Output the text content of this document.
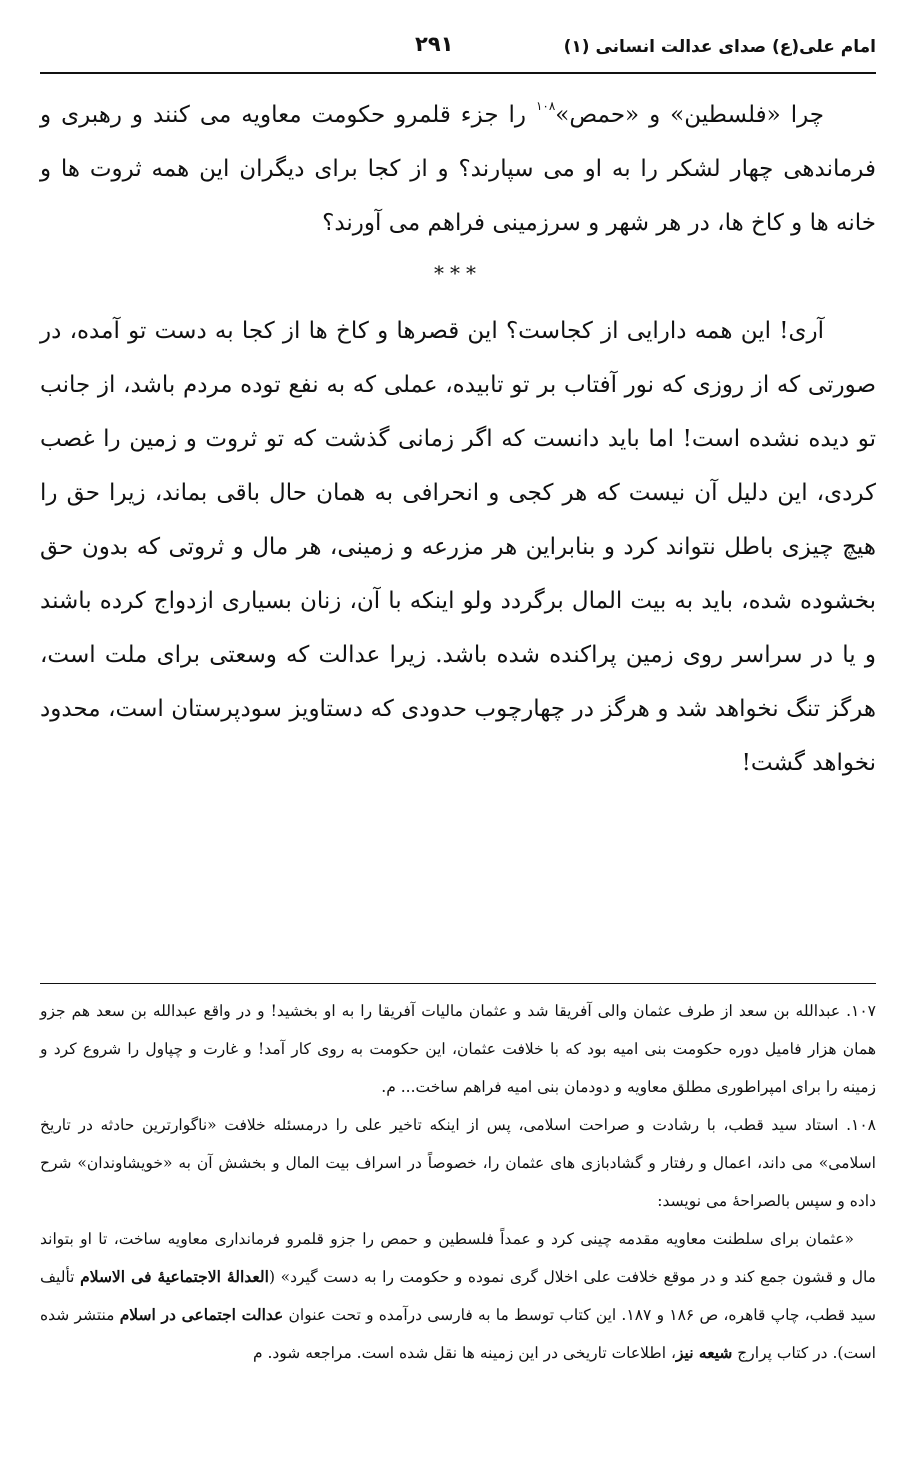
امام علی(ع) صدای عدالت انسانی (۱)
۲۹۱

چرا «فلسطین» و «حمص»$^{۱۰۸}$ را جزء قلمرو حکومت معاویه می کنند و رهبری و فرماندهی چهار لشکر را به او می سپارند؟ و از کجا برای دیگران این همه ثروت ها و خانه ها و کاخ ها، در هر شهر و سرزمینی فراهم می آورند؟

***

آری! این همه دارایی از کجاست؟ این قصرها و کاخ ها از کجا به دست تو آمده، در صورتی که از روزی که نور آفتاب بر تو تابیده، عملی که به نفع توده مردم باشد، از جانب تو دیده نشده است! اما باید دانست که اگر زمانی گذشت که تو ثروت و زمین را غصب کردی، این دلیل آن نیست که هر کجی و انحرافی به همان حال باقی بماند، زیرا حق را هیچ چیزی باطل نتواند کرد و بنابراین هر مزرعه و زمینی، هر مال و ثروتی که بدون حق بخشوده شده، باید به بیت المال برگردد ولو اینکه با آن، زنان بسیاری ازدواج کرده باشند و یا در سراسر روی زمین پراکنده شده باشد. زیرا عدالت که وسعتی برای ملت است، هرگز تنگ نخواهد شد و هرگز در چهارچوب حدودی که دستاویز سودپرستان است، محدود نخواهد گشت!

۱۰۷. عبدالله بن سعد از طرف عثمان والی آفریقا شد و عثمان مالیات آفریقا را به او بخشید! و در واقع عبدالله بن سعد هم جزو همان هزار فامیل دوره حکومت بنی امیه بود که با خلافت عثمان، این حکومت به روی کار آمد! و غارت و چپاول را شروع کرد و زمینه را برای امپراطوری مطلق معاویه و دودمان بنی امیه فراهم ساخت... م.

۱۰۸. استاد سید قطب، با رشادت و صراحت اسلامی، پس از اینکه تاخیر علی را درمسئله خلافت «ناگوارترین حادثه در تاریخ اسلامی» می داند، اعمال و رفتار و گشادبازی های عثمان را، خصوصاً در اسراف بیت المال و بخشش آن به «خویشاوندان» شرح داده و سپس بالصراحهٔ می نویسد:

«عثمان برای سلطنت معاویه مقدمه چینی کرد و عمداً فلسطین و حمص را جزو قلمرو فرمانداری معاویه ساخت، تا او بتواند مال و قشون جمع کند و در موقع خلافت علی اخلال گری نموده و حکومت را به دست گیرد» (العدالهٔ الاجتماعیهٔ فی الاسلام تألیف سید قطب، چاپ قاهره، ص ۱۸۶ و ۱۸۷. این کتاب توسط ما به فارسی درآمده و تحت عنوان عدالت اجتماعی در اسلام منتشر شده است). در کتاب پرارج شیعه نیز، اطلاعات تاریخی در این زمینه ها نقل شده است. مراجعه شود. م
